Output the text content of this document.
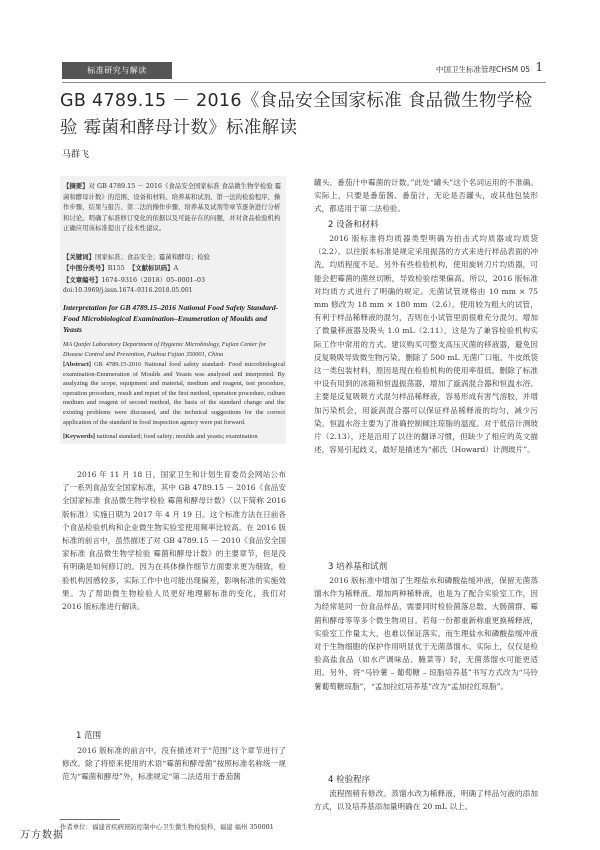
标准研究与解读	中国卫生标准管理CHSM 05 1
GB 4789.15 － 2016《食品安全国家标准 食品微生物学检验 霉菌和酵母计数》标准解读
马群飞
【摘要】对 GB 4789.15 － 2016《食品安全国家标准 食品微生物学检验 霉菌和酵母计数》的范围、设备和材料、培养基和试剂、第一法的检验程序、操作步骤、结果与报告、第二法的操作步骤、培养基及试剂等章节逐条进行分析和讨论。明确了标准修订变化的依据以及可能存在的问题，并对食品检验机构正确应用该标准提出了技术性建议。
【关键词】国家标准；食品安全；霉菌和酵母；检验
【中图分类号】R155 【文献标识码】A
【文章编号】1674–9316（2018）05–0001–03
doi:10.3969/j.issn.1674–9316.2018.05.001
Interpretation for GB 4789.15–2016 National Food Safety Standard- Food Microbiological Examination–Enumeration of Moulds and Yeasts
MA Qunfei Laboratory Department of Hygienic Microbiology, Fujian Center for Disease Control and Prevention, Fuzhou Fujian 350001, China
[Abstract] GB 4789.15-2016 National food safety standard- Food microbiological examination-Enumeration of Moulds and Yeasts was analyzed and interpreted. By analyzing the scope, equipment and material, medium and reagent, test procedure, operation procedure, result and report of the first method, operation procedure, culture medium and reagent of second method, the basis of the standard change and the existing problems were discussed, and the technical suggestions for the correct application of the standard in food inspection agency were put forward.
[Keywords] national standard; food safety; moulds and yeasts; examination
2016 年 11 月 18 日，国家卫生和计划生育委员会网站公布了一系列食品安全国家标准，其中 GB 4789.15 － 2016《食品安全国家标准 食品微生物学检验 霉菌和酵母计数》（以下简称 2016 版标准）实施日期为 2017 年 4 月 19 日。这个标准方法在日前各个食品检验机构和企业微生物实验室使用频率比较高。在 2016 版标准的前言中，虽然描述了对 GB 4789.15 － 2010《食品安全国家标准 食品微生物学检验 霉菌和酵母计数》的主要章节，但是没有明确是如何修订的。因为在具体操作细节方面要求更为细致，检验机构因感较多，实际工作中也可能出现偏差，影响标准的实施效果。为了帮助微生物检验人员更好地理解标准的变化，我们对 2016 版标准进行解读。
1 范围
2016 版标准的前言中，没有描述对于“范围”这个章节进行了修改。除了将原来使用的术语“霉菌和酵母菌”按照标准名称统一规范为“霉菌和酵母”外，标准规定“第二法适用于番茄酱
作者单位：福建省疾病预防控制中心卫生微生物检验科，福建 福州 350001
罐头、番茄汁中霉菌的计数。”此处“罐头”这个名词运用的不准确。实际上，只要是番茄酱、番茄汁，无论是否罐头，或其他包装形式，都适用于第二法检验。
2 设备和材料
2016 版标准将均质器类型明确为拍击式均质器或均质袋（2.2）。以往版本标准是规定采用振荡的方式来进行样品表面的冲洗，均质程度不足。另外有些检验机构，使用旋转刀片均质器，可能会把霉菌的菌丝切断，导致检验结果偏高。所以，2016 版标准对均质方式进行了明确的规定。无菌试管规格由 10 mm × 75 mm 修改为 18 mm × 180 mm（2.6）。使用较为粗大的试管，有利于样品稀释液的混匀，否则在小试管里面很难充分混匀。增加了微量移液器及吸头 1.0 mL（2.11），这是为了兼容检验机构实际工作中常用的方式。建议购买可整支高压灭菌的移液器，避免因反复吸吸导致微生物污染。删除了 500 mL 无菌广口瓶、牛皮纸袋这一类包装材料，原因是现在检验机构的使用率很低。删除了标准中设有用到的冰箱和恒温振荡器，增加了漩涡混合器和恒温水浴。主要是反复吸吸方式混匀样品稀释液，容易形成有害气溶胶，并增加污染机会，用漩涡混合器可以保证样品稀释液的均匀，减少污染。恒温水浴主要为了准确控制倾注琼脂的温度。对于低倍计测玻片（2.13），还是沿用了以往的翻译习惯，但缺少了相应的英文描述，容易引起歧义，最好是描述为“郝氏（Howard）计测玻片”。
3 培养基和试剂
2016 版标准中增加了生理盐水和磷酸盐缓冲液，保留无菌蒸馏水作为稀释液。增加两种稀释液，也是为了配合实验室工作，因为经常是同一份食品样品，需要同时检验菌落总数、大肠菌群、霉菌和酵母等等多个微生物项目。若每一份都重新称重更换稀释液，实验室工作量太大，也难以保证落实。而生理盐水和磷酸盐缓冲液对于生物细胞的保护作用明显优于无菌蒸馏水。实际上，仅仅是检验高盐食品（如水产调味品、腌菜等）时，无菌蒸馏水可能更适用。另外，将“马铃薯 – 葡萄糖 – 琼脂培养基”书写方式改为“马铃薯葡萄糖琼脂”，“孟加拉红培养基”改为“孟加拉红琼脂”。
4 检验程序
流程图稍有修改。蒸馏水改为稀释液，明确了样品匀液的添加方式，以及培养基添加量明确在 20 mL 以上。
万方数据
